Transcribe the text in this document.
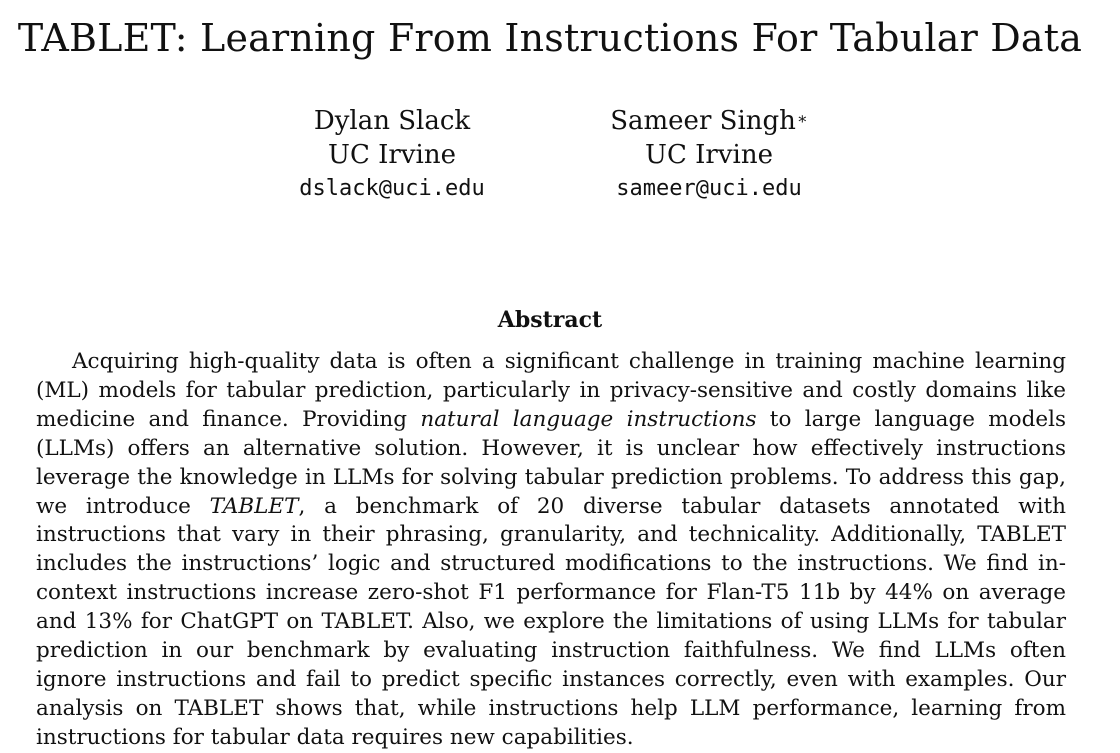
TABLET: Learning From Instructions For Tabular Data
Dylan Slack
UC Irvine
dslack@uci.edu
Sameer Singh∗
UC Irvine
sameer@uci.edu
Abstract

Acquiring high-quality data is often a significant challenge in training machine learning (ML) models for tabular prediction, particularly in privacy-sensitive and costly domains like medicine and finance. Providing natural language instructions to large language models (LLMs) offers an alternative solution. However, it is unclear how effectively instructions leverage the knowledge in LLMs for solving tabular prediction problems. To address this gap, we introduce TABLET, a benchmark of 20 diverse tabular datasets annotated with instructions that vary in their phrasing, granularity, and technicality. Additionally, TABLET includes the instructions’ logic and structured modifications to the instructions. We find in-context instructions increase zero-shot F1 performance for Flan-T5 11b by 44% on average and 13% for ChatGPT on TABLET. Also, we explore the limitations of using LLMs for tabular prediction in our benchmark by evaluating instruction faithfulness. We find LLMs often ignore instructions and fail to predict specific instances correctly, even with examples. Our analysis on TABLET shows that, while instructions help LLM performance, learning from instructions for tabular data requires new capabilities.
